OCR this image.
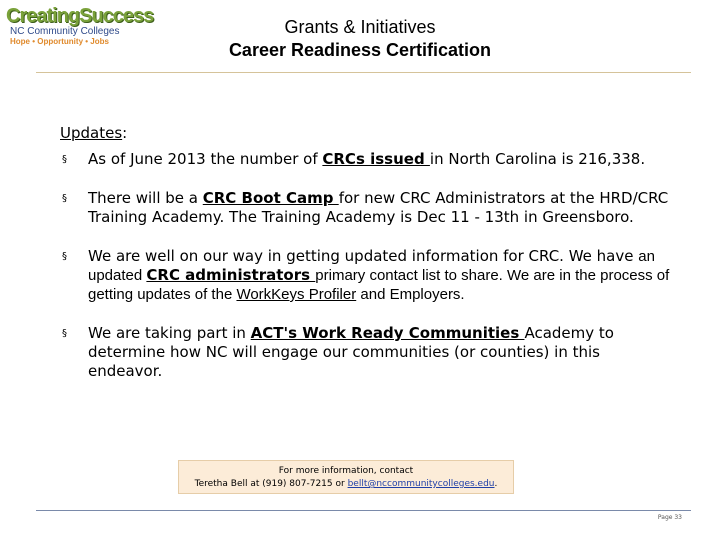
CreatingSuccess
NC Community Colleges
Hope • Opportunity • Jobs
Grants & Initiatives
Career Readiness Certification
Updates:
§ As of June 2013 the number of CRCs issued in North Carolina is 216,338.
§ There will be a CRC Boot Camp for new CRC Administrators at the HRD/CRC Training Academy. The Training Academy is Dec 11 - 13th in Greensboro.
§ We are well on our way in getting updated information for CRC. We have an updated CRC administrators primary contact list to share. We are in the process of getting updates of the WorkKeys Profiler and Employers.
§ We are taking part in ACT's Work Ready Communities Academy to determine how NC will engage our communities (or counties) in this endeavor.
For more information, contact
Teretha Bell at (919) 807-7215 or bellt@nccommunitycolleges.edu.
Page 33
